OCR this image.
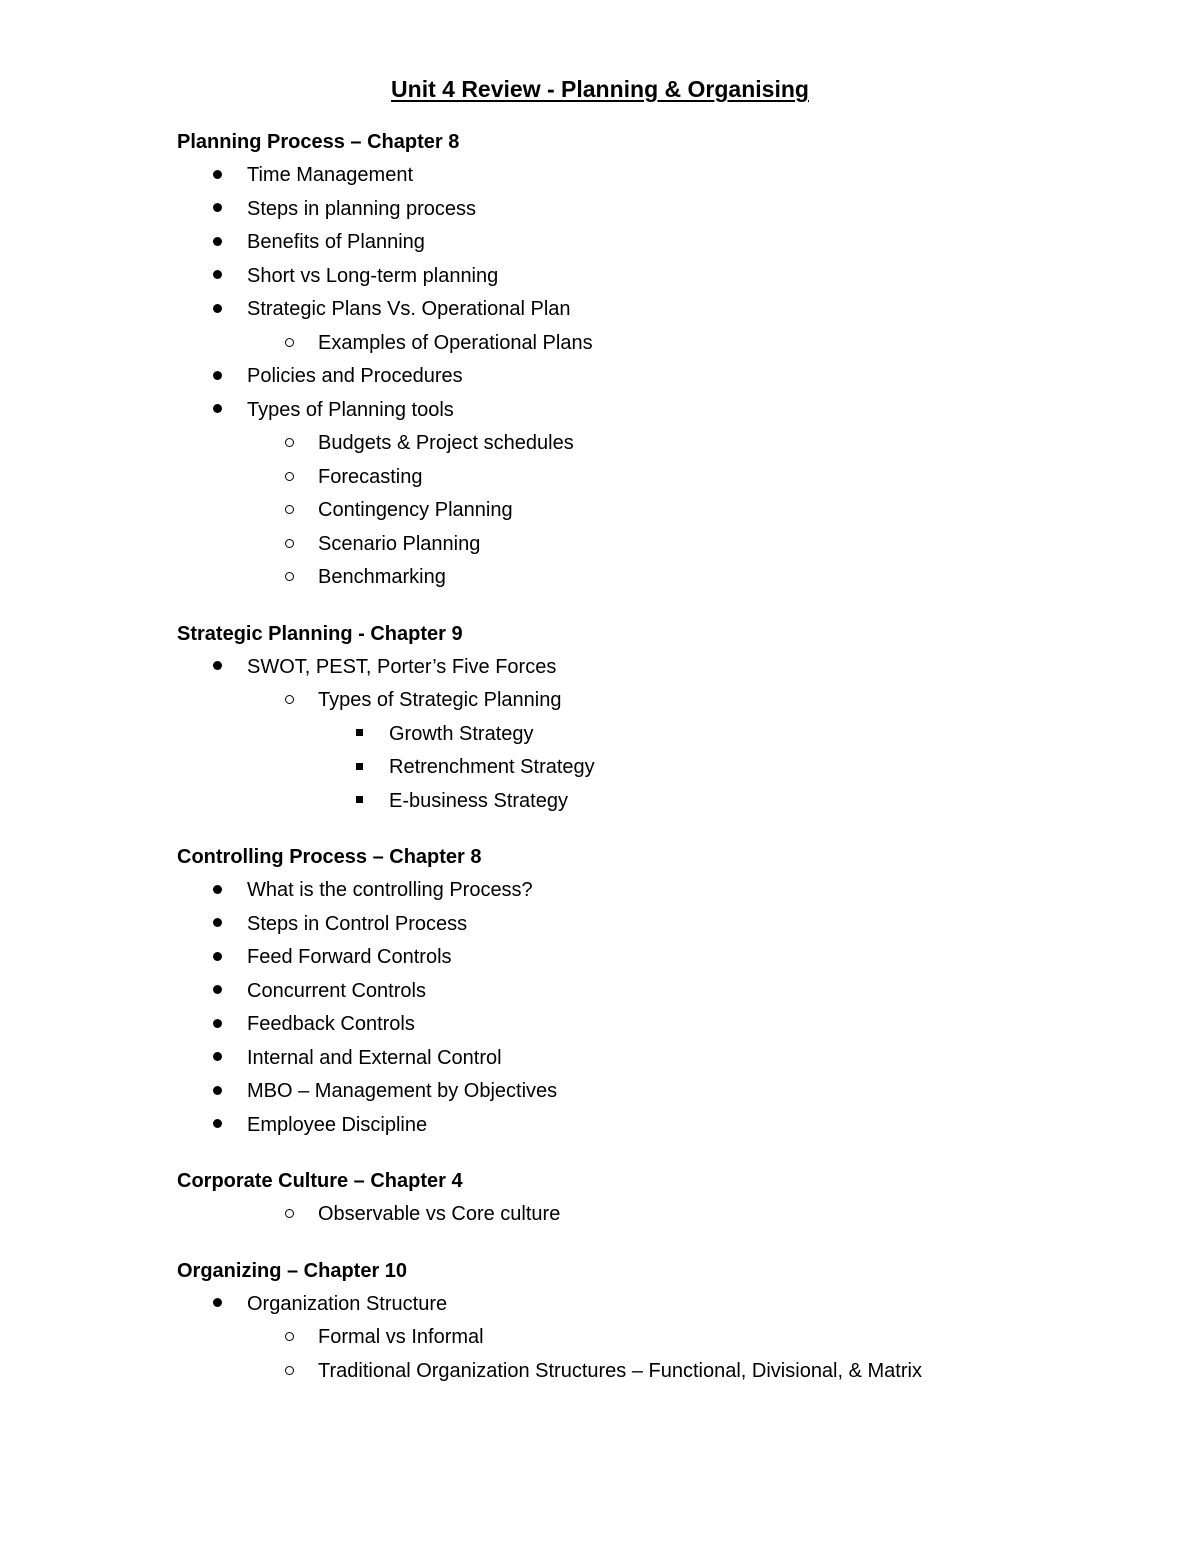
Unit 4 Review - Planning & Organising
Planning Process – Chapter 8
Time Management
Steps in planning process
Benefits of Planning
Short vs Long-term planning
Strategic Plans Vs. Operational Plan
Examples of Operational Plans
Policies and Procedures
Types of Planning tools
Budgets & Project schedules
Forecasting
Contingency Planning
Scenario Planning
Benchmarking
Strategic Planning - Chapter 9
SWOT, PEST, Porter’s Five Forces
Types of Strategic Planning
Growth Strategy
Retrenchment Strategy
E-business Strategy
Controlling Process – Chapter 8
What is the controlling Process?
Steps in Control Process
Feed Forward Controls
Concurrent Controls
Feedback Controls
Internal and External Control
MBO – Management by Objectives
Employee Discipline
Corporate Culture – Chapter 4
Observable vs Core culture
Organizing – Chapter 10
Organization Structure
Formal vs Informal
Traditional Organization Structures – Functional, Divisional, & Matrix
